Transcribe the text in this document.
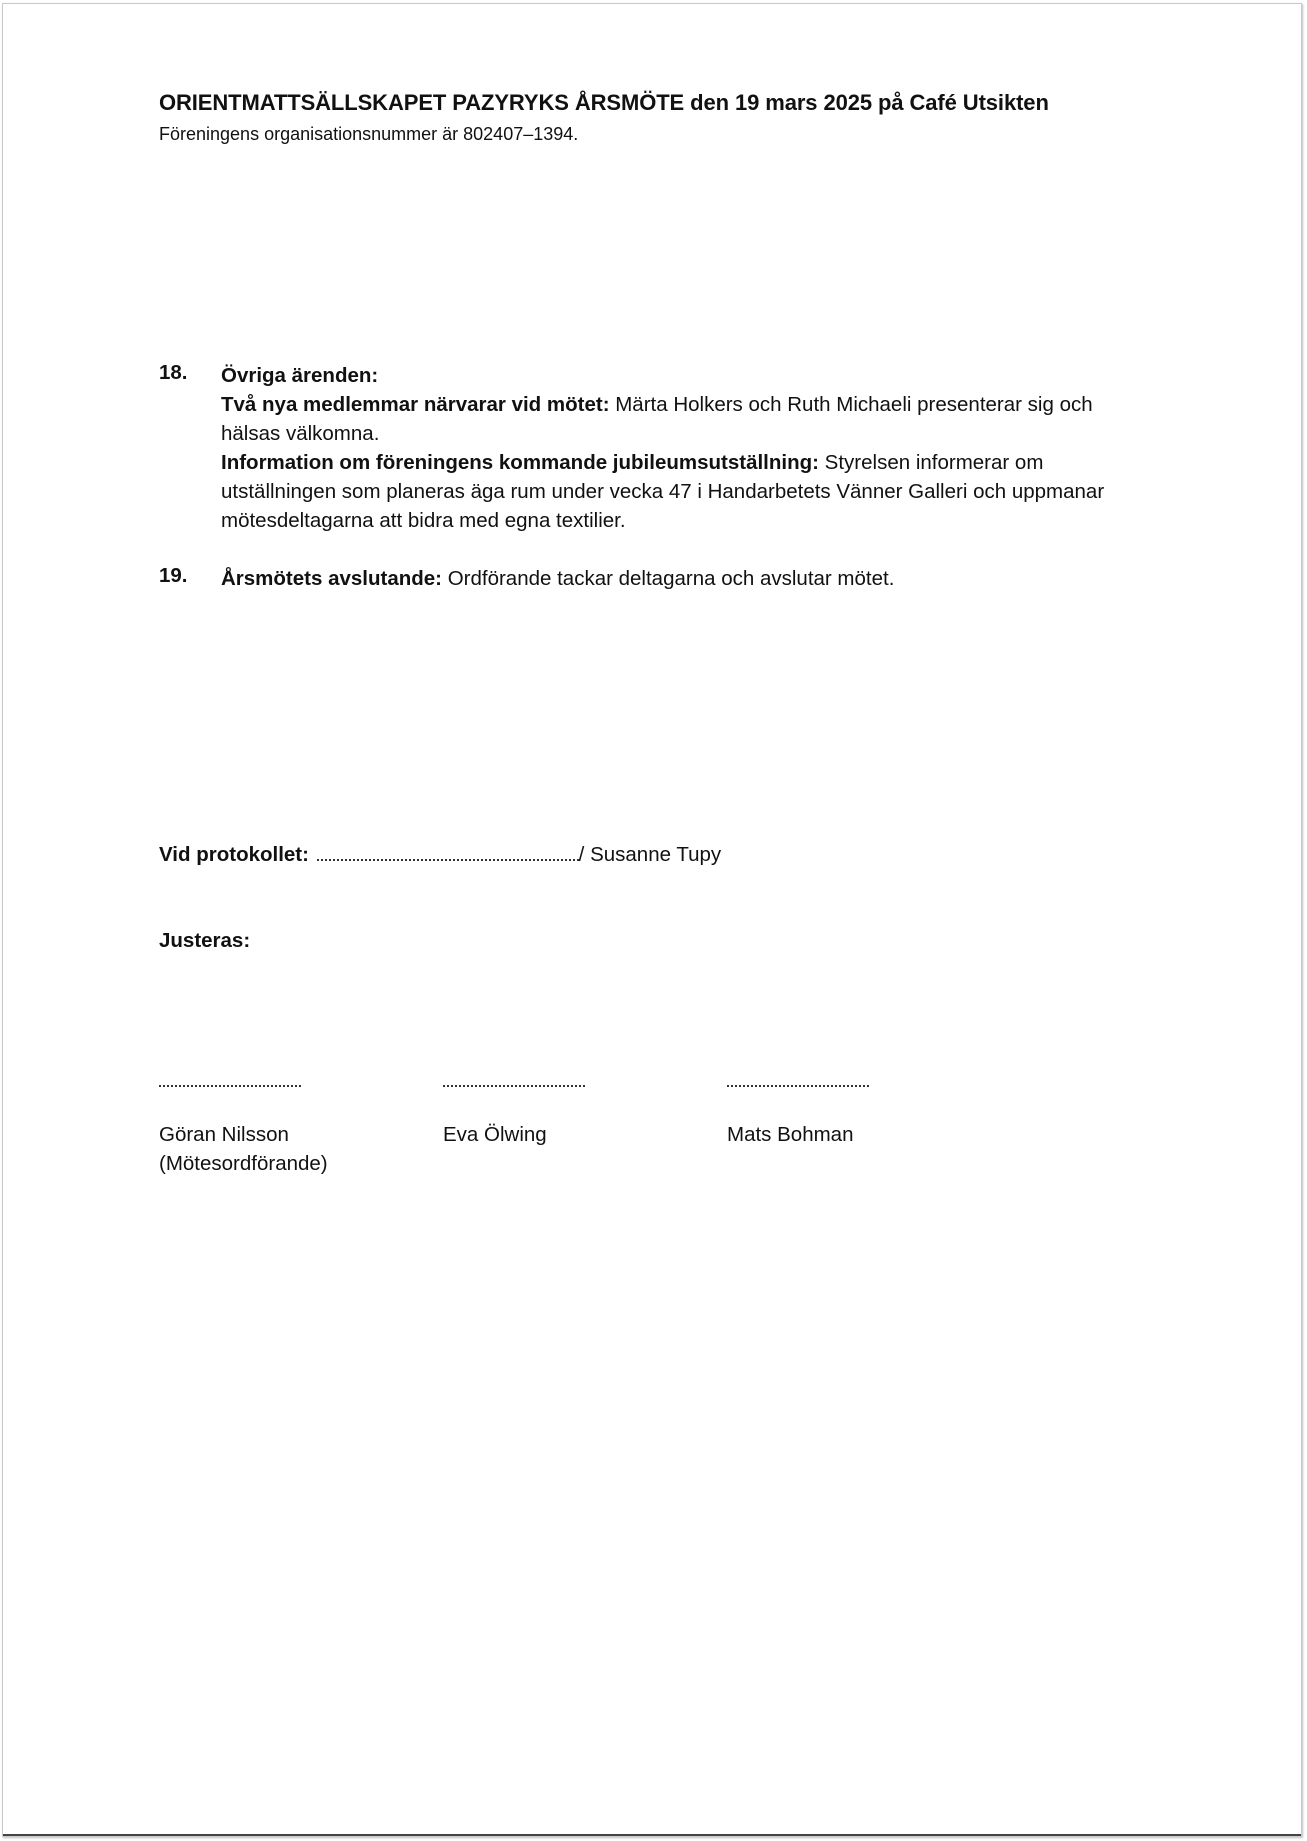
ORIENTMATTSÄLLSKAPET PAZYRYKS ÅRSMÖTE den 19 mars 2025 på Café Utsikten
Föreningens organisationsnummer är 802407–1394.
18. Övriga ärenden:

Två nya medlemmar närvarar vid mötet: Märta Holkers och Ruth Michaeli presenterar sig och hälsas välkomna.

Information om föreningens kommande jubileumsutställning: Styrelsen informerar om utställningen som planeras äga rum under vecka 47 i Handarbetets Vänner Galleri och uppmanar mötesdeltagarna att bidra med egna textilier.

19. Årsmötets avslutande: Ordförande tackar deltagarna och avslutar mötet.

Vid protokollet:	/ Susanne Tupy
Justeras:
Göran Nilsson
(Mötesordförande)
Eva Ölwing	Mats Bohman
